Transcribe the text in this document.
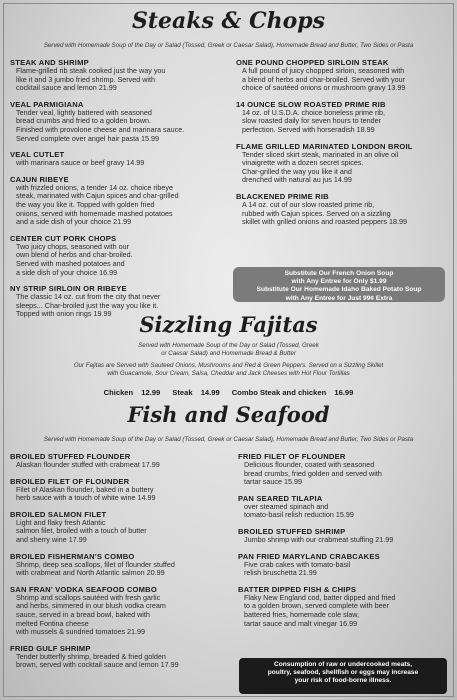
Steaks & Chops
Served with Homemade Soup of the Day or Salad (Tossed, Greek or Caesar Salad), Homemade Bread and Butter, Two Sides or Pasta
STEAK AND SHRIMP
Flame-grilled rib steak cooked just the way you
like it and 3 jumbo fried shrimp. Served with
cocktail sauce and lemon 21.99
VEAL PARMIGIANA
Tender veal, lightly battered with seasoned
bread crumbs and fried to a golden brown.
Finished with provolone cheese and marinara sauce.
Served complete over angel hair pasta 15.99
VEAL CUTLET
with marinara sauce or beef gravy 14.99
CAJUN RIBEYE
with frizzled onions, a tender 14 oz. choice ribeye
steak, marinated with Cajun spices and char-grilled
the way you like it. Topped with golden fried
onions, served with homemade mashed potatoes
and a side dish of your choice 21.99
CENTER CUT PORK CHOPS
Two juicy chops, seasoned with our
own blend of herbs and char-broiled.
Served with mashed potatoes and
a side dish of your choice 16.99
NY STRIP SIRLOIN OR RIBEYE
The classic 14 oz. cut from the city that never
sleeps... Char-broiled just the way you like it.
Topped with onion rings 19.99
ONE POUND CHOPPED SIRLOIN STEAK
A full pound of juicy chopped sirloin, seasoned with
a blend of herbs and char-broiled. Served with your
choice of sautéed onions or mushroom gravy 13.99
14 OUNCE SLOW ROASTED PRIME RIB
14 oz. of U.S.D.A. choice boneless prime rib,
slow roasted daily for seven hours to tender
perfection. Served with horseradish 18.99
FLAME GRILLED MARINATED LONDON BROIL
Tender sliced skirt steak, marinated in an olive oil
vinaigrette with a dozen secret spices.
Char-grilled the way you like it and
drenched with natural au jus 14.99
BLACKENED PRIME RIB
A 14 oz. cut of our slow roasted prime rib,
rubbed with Cajun spices. Served on a sizzling
skillet with grilled onions and roasted peppers 18.99
Substitute Our French Onion Soup
with Any Entree for Only $1.99
Substitute Our Homemade Idaho Baked Potato Soup
with Any Entree for Just 99¢ Extra
Sizzling Fajitas
Served with Homemade Soup of the Day or Salad (Tossed, Greek
or Caesar Salad) and Homemade Bread & Butter
Our Fajitas are Served with Sauteed Onions, Mushrooms and Red & Green Peppers. Served on a Sizzling Skillet
with Guacamole, Sour Cream, Salsa, Cheddar and Jack Cheeses with Hot Flour Tortillas
Chicken 12.99 Steak 14.99 Combo Steak and chicken 16.99
Fish and Seafood
Served with Homemade Soup of the Day or Salad (Tossed, Greek or Caesar Salad), Homemade Bread and Butter, Two Sides or Pasta
BROILED STUFFED FLOUNDER
Alaskan flounder stuffed with crabmeat 17.99
BROILED FILET OF FLOUNDER
Filet of Alaskan flounder, baked in a buttery
herb sauce with a touch of white wine 14.99
BROILED SALMON FILET
Light and flaky fresh Atlantic
salmon filet, broiled with a touch of butter
and sherry wine 17.99
BROILED FISHERMAN'S COMBO
Shrimp, deep sea scallops, filet of flounder stuffed
with crabmeat and North Atlantic salmon 20.99
SAN FRAN' VODKA SEAFOOD COMBO
Shrimp and scallops sautéed with fresh garlic
and herbs, simmered in our blush vodka cream
sauce, served in a bread bowl, baked with
melted Fontina cheese
with mussels & sundried tomatoes 21.99
FRIED GULF SHRIMP
Tender butterfly shrimp, breaded & fried golden
brown, served with cocktail sauce and lemon 17.99
FRIED FILET OF FLOUNDER
Delicious flounder, coated with seasoned
bread crumbs, fried golden and served with
tartar sauce 15.99
PAN SEARED TILAPIA
over steamed spinach and
tomato-basil relish reduction 15.99
BROILED STUFFED SHRIMP
Jumbo shrimp with our crabmeat stuffing 21.99
PAN FRIED MARYLAND CRABCAKES
Five crab cakes with tomato-basil
relish bruschetta 21.99
BATTER DIPPED FISH & CHIPS
Flaky New England cod, batter dipped and fried
to a golden brown, served complete with beer
battered fries, homemade cole slaw,
tartar sauce and malt vinegar 16.99
Consumption of raw or undercooked meats,
poultry, seafood, shellfish or eggs may increase
your risk of food-borne illness.
